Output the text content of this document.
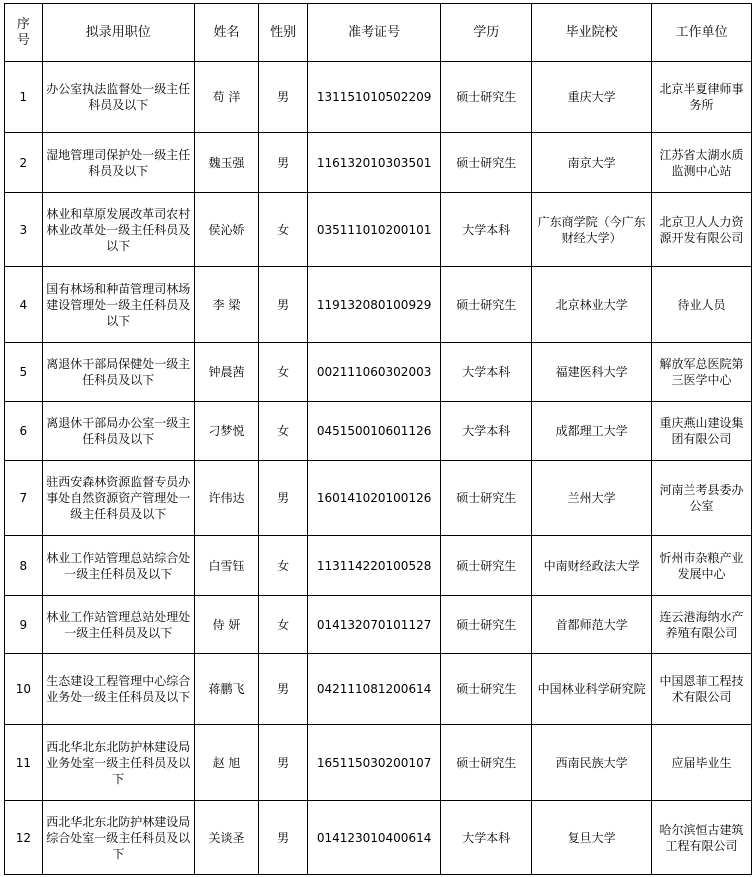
序号	拟录用职位	姓名	性别	准考证号	学历	毕业院校	工作单位
1	办公室执法监督处一级主任科员及以下	苟 洋	男	131151010502209	硕士研究生	重庆大学	北京半夏律师事务所
2	湿地管理司保护处一级主任科员及以下	魏玉强	男	116132010303501	硕士研究生	南京大学	江苏省太湖水质监测中心站
3	林业和草原发展改革司农村林业改革处一级主任科员及以下	侯沁娇	女	035111010200101	大学本科	广东商学院（今广东财经大学）	北京卫人人力资源开发有限公司
4	国有林场和种苗管理司林场建设管理处一级主任科员及以下	李 梁	男	119132080100929	硕士研究生	北京林业大学	待业人员
5	离退休干部局保健处一级主任科员及以下	钟晨茜	女	002111060302003	大学本科	福建医科大学	解放军总医院第三医学中心
6	离退休干部局办公室一级主任科员及以下	刁梦悦	女	045150010601126	大学本科	成都理工大学	重庆燕山建设集团有限公司
7	驻西安森林资源监督专员办事处自然资源资产管理处一级主任科员及以下	许伟达	男	160141020100126	硕士研究生	兰州大学	河南兰考县委办公室
8	林业工作站管理总站综合处一级主任科员及以下	白雪钰	女	113114220100528	硕士研究生	中南财经政法大学	忻州市杂粮产业发展中心
9	林业工作站管理总站处理处一级主任科员及以下	侍 妍	女	014132070101127	硕士研究生	首都师范大学	连云港海纳水产养殖有限公司
10	生态建设工程管理中心综合业务处一级主任科员及以下	蒋鹏飞	男	042111081200614	硕士研究生	中国林业科学研究院	中国恩菲工程技术有限公司
11	西北华北东北防护林建设局业务处室一级主任科员及以下	赵 旭	男	165115030200107	硕士研究生	西南民族大学	应届毕业生
12	西北华北东北防护林建设局综合处室一级主任科员及以下	关谈圣	男	014123010400614	大学本科	复旦大学	哈尔滨恒古建筑工程有限公司
